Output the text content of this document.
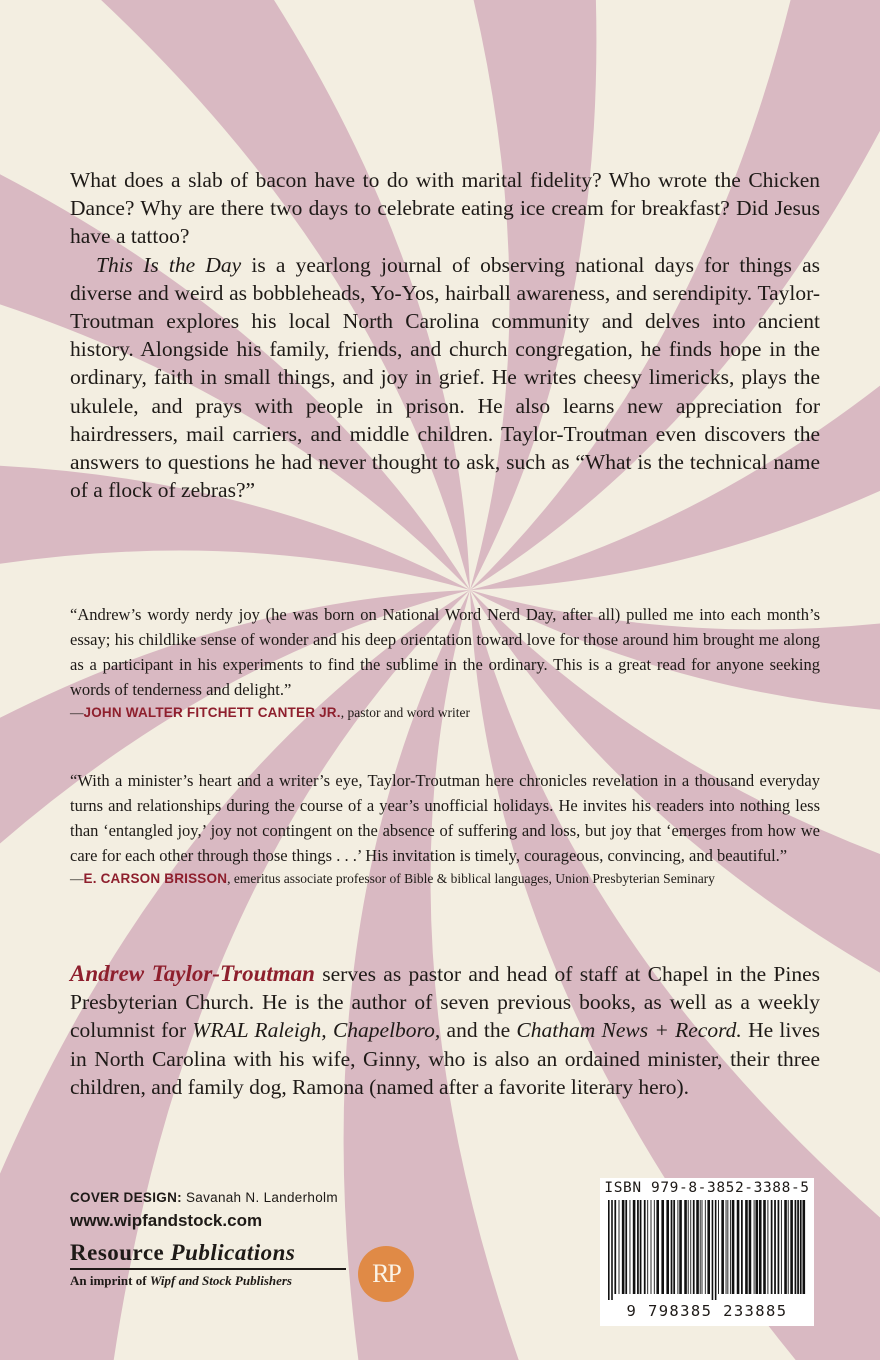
What does a slab of bacon have to do with marital fidelity? Who wrote the Chicken Dance? Why are there two days to celebrate eating ice cream for breakfast? Did Jesus have a tattoo?

This Is the Day is a yearlong journal of observing national days for things as diverse and weird as bobbleheads, Yo-Yos, hairball awareness, and serendipity. Taylor-Troutman explores his local North Carolina community and delves into ancient history. Alongside his family, friends, and church congregation, he finds hope in the ordinary, faith in small things, and joy in grief. He writes cheesy limericks, plays the ukulele, and prays with people in prison. He also learns new appreciation for hairdressers, mail carriers, and middle children. Taylor-Troutman even discovers the answers to questions he had never thought to ask, such as “What is the technical name of a flock of zebras?”

“Andrew’s wordy nerdy joy (he was born on National Word Nerd Day, after all) pulled me into each month’s essay; his childlike sense of wonder and his deep orientation toward love for those around him brought me along as a participant in his experiments to find the sublime in the ordinary. This is a great read for anyone seeking words of tenderness and delight.”

—JOHN WALTER FITCHETT CANTER JR., pastor and word writer

“With a minister’s heart and a writer’s eye, Taylor-Troutman here chronicles revelation in a thousand everyday turns and relationships during the course of a year’s unofficial holidays. He invites his readers into nothing less than ‘entangled joy,’ joy not contingent on the absence of suffering and loss, but joy that ‘emerges from how we care for each other through those things . . .’ His invitation is timely, courageous, convincing, and beautiful.”

—E. CARSON BRISSON, emeritus associate professor of Bible & biblical languages, Union Presbyterian Seminary
Andrew Taylor-Troutman serves as pastor and head of staff at Chapel in the Pines Presbyterian Church. He is the author of seven previous books, as well as a weekly columnist for WRAL Raleigh, Chapelboro, and the Chatham News + Record. He lives in North Carolina with his wife, Ginny, who is also an ordained minister, their three children, and family dog, Ramona (named after a favorite literary hero).
COVER DESIGN: Savanah N. Landerholm
www.wipfandstock.com
Resource Publications
An imprint of Wipf and Stock Publishers	RP
ISBN 979-8-3852-3388-5
9 798385 233885
